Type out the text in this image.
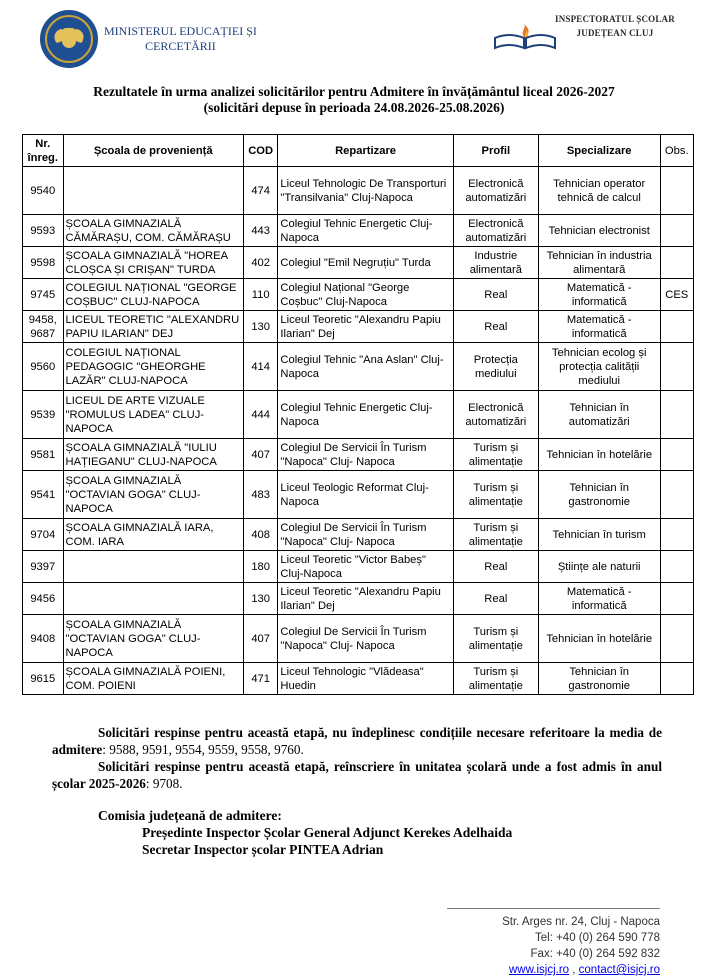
MINISTERUL EDUCAȚIEI ȘI
CERCETĂRII
INSPECTORATUL ȘCOLAR
JUDEȚEAN CLUJ
Rezultatele în urma analizei solicitărilor pentru Admitere în învățământul liceal 2026-2027
(solicitări depuse în perioada 24.08.2026-25.08.2026)
Nr. înreg.	Școala de proveniență	COD	Repartizare	Profil	Specializare	Obs.
9540		474	Liceul Tehnologic De Transporturi "Transilvania" Cluj-Napoca	Electronică automatizări	Tehnician operator tehnică de calcul	
9593	ȘCOALA GIMNAZIALĂ CĂMĂRAȘU, COM. CĂMĂRAȘU	443	Colegiul Tehnic Energetic Cluj-Napoca	Electronică automatizări	Tehnician electronist	
9598	ȘCOALA GIMNAZIALĂ "HOREA CLOȘCA ȘI CRIȘAN" TURDA	402	Colegiul "Emil Negruțiu" Turda	Industrie alimentară	Tehnician în industria alimentară	
9745	COLEGIUL NAȚIONAL "GEORGE COȘBUC" CLUJ-NAPOCA	110	Colegiul Național "George Coșbuc" Cluj-Napoca	Real	Matematică - informatică	CES
9458, 9687	LICEUL TEORETIC "ALEXANDRU PAPIU ILARIAN" DEJ	130	Liceul Teoretic "Alexandru Papiu Ilarian" Dej	Real	Matematică - informatică	
9560	COLEGIUL NAȚIONAL PEDAGOGIC "GHEORGHE LAZĂR" CLUJ-NAPOCA	414	Colegiul Tehnic "Ana Aslan" Cluj-Napoca	Protecția mediului	Tehnician ecolog și protecția calității mediului	
9539	LICEUL DE ARTE VIZUALE "ROMULUS LADEA" CLUJ-NAPOCA	444	Colegiul Tehnic Energetic Cluj-Napoca	Electronică automatizări	Tehnician în automatizări	
9581	ȘCOALA GIMNAZIALĂ "IULIU HAȚIEGANU" CLUJ-NAPOCA	407	Colegiul De Servicii În Turism "Napoca" Cluj- Napoca	Turism și alimentație	Tehnician în hotelărie	
9541	ȘCOALA GIMNAZIALĂ "OCTAVIAN GOGA" CLUJ-NAPOCA	483	Liceul Teologic Reformat Cluj-Napoca	Turism și alimentație	Tehnician în gastronomie	
9704	ȘCOALA GIMNAZIALĂ IARA, COM. IARA	408	Colegiul De Servicii În Turism "Napoca" Cluj- Napoca	Turism și alimentație	Tehnician în turism	
9397		180	Liceul Teoretic "Victor Babeș" Cluj-Napoca	Real	Științe ale naturii	
9456		130	Liceul Teoretic "Alexandru Papiu Ilarian" Dej	Real	Matematică - informatică	
9408	ȘCOALA GIMNAZIALĂ "OCTAVIAN GOGA" CLUJ-NAPOCA	407	Colegiul De Servicii În Turism "Napoca" Cluj- Napoca	Turism și alimentație	Tehnician în hotelărie	
9615	ȘCOALA GIMNAZIALĂ POIENI, COM. POIENI	471	Liceul Tehnologic "Vlădeasa" Huedin	Turism și alimentație	Tehnician în gastronomie	

Solicitări respinse pentru această etapă, nu îndeplinesc condițiile necesare referitoare la media de admitere: 9588, 9591, 9554, 9559, 9558, 9760.

Solicitări respinse pentru această etapă, reînscriere în unitatea școlară unde a fost admis în anul școlar 2025-2026: 9708.

Comisia județeană de admitere:
Președinte Inspector Școlar General Adjunct Kerekes Adelhaida
Secretar Inspector școlar PINTEA Adrian
Str. Arges nr. 24, Cluj - Napoca
Tel: +40 (0) 264 590 778
Fax: +40 (0) 264 592 832
www.isjcj.ro , contact@isjcj.ro
